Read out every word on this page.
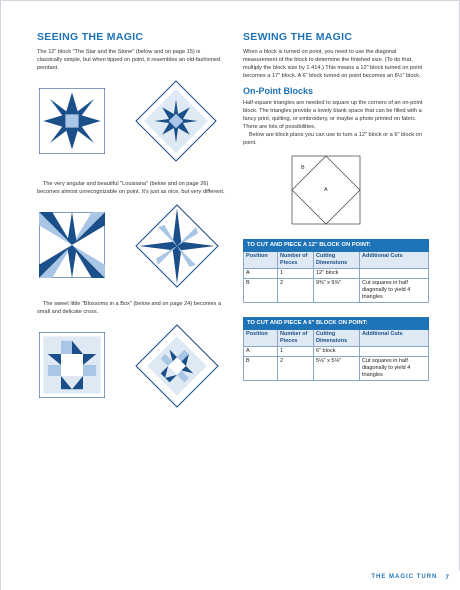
SEEING THE MAGIC

The 12" block "The Star and the Stone" (below and on page 15) is classically simple, but when tipped on point, it resembles an old-fashioned pendant.

The very angular and beautiful "Louisiana" (below and on page 26) becomes almost unrecognizable on point. It's just as nice, but very different.

The sweet little "Blossoms in a Box" (below and on page 24) becomes a small and delicate cross.

SEWING THE MAGIC

When a block is turned on point, you need to use the diagonal measurement of the block to determine the finished size. (To do that, multiply the block size by 1.414.) This means a 12" block turned on point becomes a 17" block. A 6" block turned on point becomes an 8½" block.

On-Point Blocks

Half-square triangles are needed to square up the corners of an on-point block. The triangles provide a lovely blank space that can be filled with a fancy print, quilting, or embroidery, or maybe a photo printed on fabric. There are lots of possibilities.

Below are block plans you can use to turn a 12" block or a 6" block on point.

B
A
TO CUT AND PIECE A 12" BLOCK ON POINT:			
Position	Number of Pieces	Cutting Dimensions	Additional Cuts
A	1	12" block	
B	2	9⅜" x 9⅜"	Cut squares in half diagonally to yield 4 triangles
TO CUT AND PIECE A 6" BLOCK ON POINT:			
Position	Number of Pieces	Cutting Dimensions	Additional Cuts
A	1	6" block	
B	2	5⅛" x 5⅛"	Cut squares in half diagonally to yield 4 triangles
THE MAGIC TURN 7
